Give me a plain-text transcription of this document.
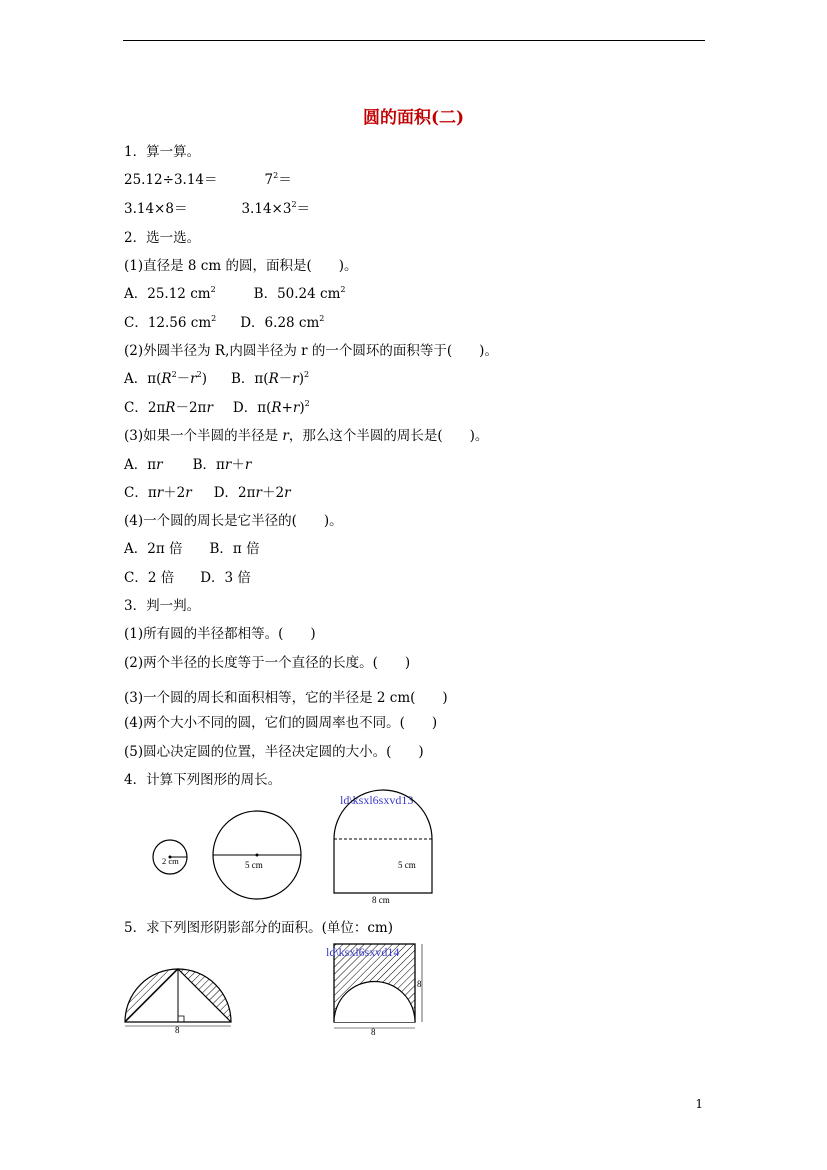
圆的面积(二)
1．算一算。
25.12÷3.14＝	$7^2=$
3.14×8＝	$3.14\times 3^2=$
2．选一选。
(1)直径是 8 cm 的圆，面积是(　　)。
A．25.12 $cm^2$	B．50.24 $cm^2$
C．12.56 $cm^2$ D．6.28 $cm^2$
(2)外圆半径为 R,内圆半径为 r 的一个圆环的面积等于(　　)。
A．$\pi(R^2-r^2)$ B．$\pi(R-r)^2$
C．2πR－2πr D．$\pi(R+r)^2$
(3)如果一个半圆的半径是 r，那么这个半圆的周长是(　　)。
A．πr B．πr＋r
C．πr＋2r D．2πr＋2r
(4)一个圆的周长是它半径的(　　)。
A．2π 倍 B．π 倍
C．2 倍 D．3 倍
3．判一判。
(1)所有圆的半径都相等。(　　)
(2)两个半径的长度等于一个直径的长度。(　　)
(3)一个圆的周长和面积相等，它的半径是 2 cm(　　)
(4)两个大小不同的圆，它们的圆周率也不同。(　　)
(5)圆心决定圆的位置，半径决定圆的大小。(　　)
4．计算下列图形的周长。
2 cm	5 cm
ld\ksxl6sxvd13
5 cm
8 cm
5．求下列图形阴影部分的面积。(单位：cm)
8
ld\ksxl6sxvd14
8
8
1
